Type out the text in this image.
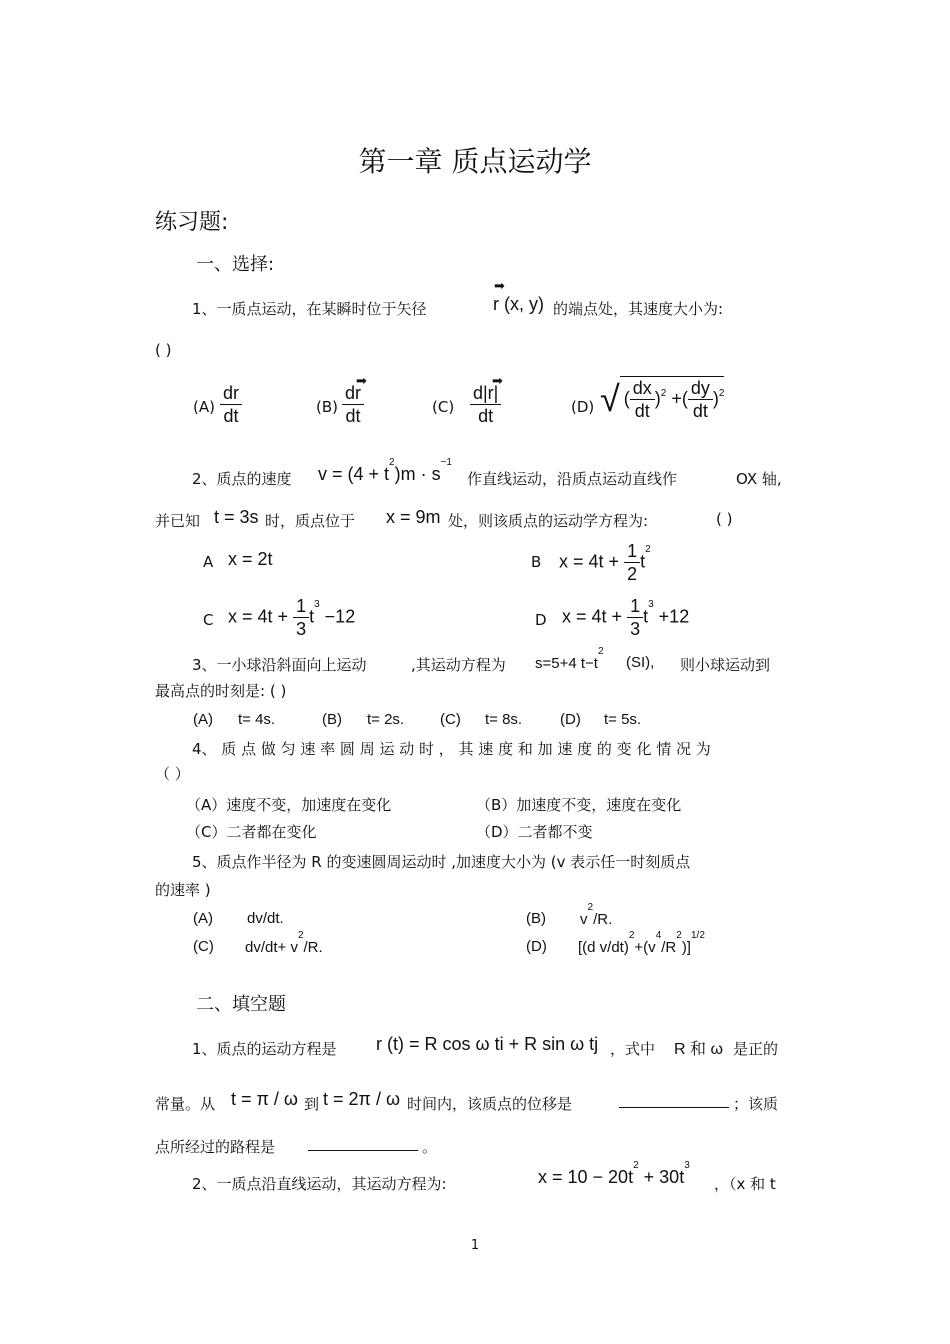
第一章 质点运动学
练习题:
一、选择:
1、一质点运动，在某瞬时位于矢径
➡
r (x, y) 的端点处，其速度大小为:
( )
$(A) \frac{dr}{dt}$	(B) ➡
dr
dt	(C) ➡
d|r|
dt	(D) √ ( $\frac{dx}{dt} )^2$ +( $\frac{dy}{dt} )^2$
2、质点的速度 $v = (4 + t^2)m \cdot s^{-1}$
作直线运动，沿质点运动直线作	OX 轴,
并已知 t = 3s 时，质点位于 x = 9m 处，则该质点的运动学方程为:	( )
A x = 2t	B $x = 4t + \frac{1}{2} t^2$
C $x = 4t + \frac{1}{3} t^3 -12$	D $x = 4t + \frac{1}{3} t^3 +12$
3、一小球沿斜面向上运动	,其运动方程为 s=5+4 $t-t^2$
(SI), 则小球运动到
最高点的时刻是: ( )
(A) t= 4s.	(B) t= 2s. (C) t= 8s.	(D) t= 5s.
4、 质 点 做 匀 速 率 圆 周 运 动 时 ， 其 速 度 和 加 速 度 的 变 化 情 况 为
（ ）
（A）速度不变，加速度在变化	（B）加速度不变，速度在变化
（C）二者都在变化	（D）二者都不变
5、质点作半径为 R 的变速圆周运动时 ,加速度大小为 (v 表示任一时刻质点
的速率 )
(A) dv/dt.	(B) $v^2/R$.
(C) $dv/dt+ v^2/R$.	(D) [(d $v/dt)^2+(v^4/R^2)]^{1/2}$
二、填空题
1、质点的运动方程是 r (t) = R cos ω ti + R sin ω tj ，式中 R 和 ω 是正的
常量。从 t = π / ω 到 t = 2π / ω 时间内，该质点的位移是	；该质
点所经过的路程是	。
2、一质点沿直线运动，其运动方程为:	$x = 10 - 20t^2 + 30t^3$
，（x 和 t
1
